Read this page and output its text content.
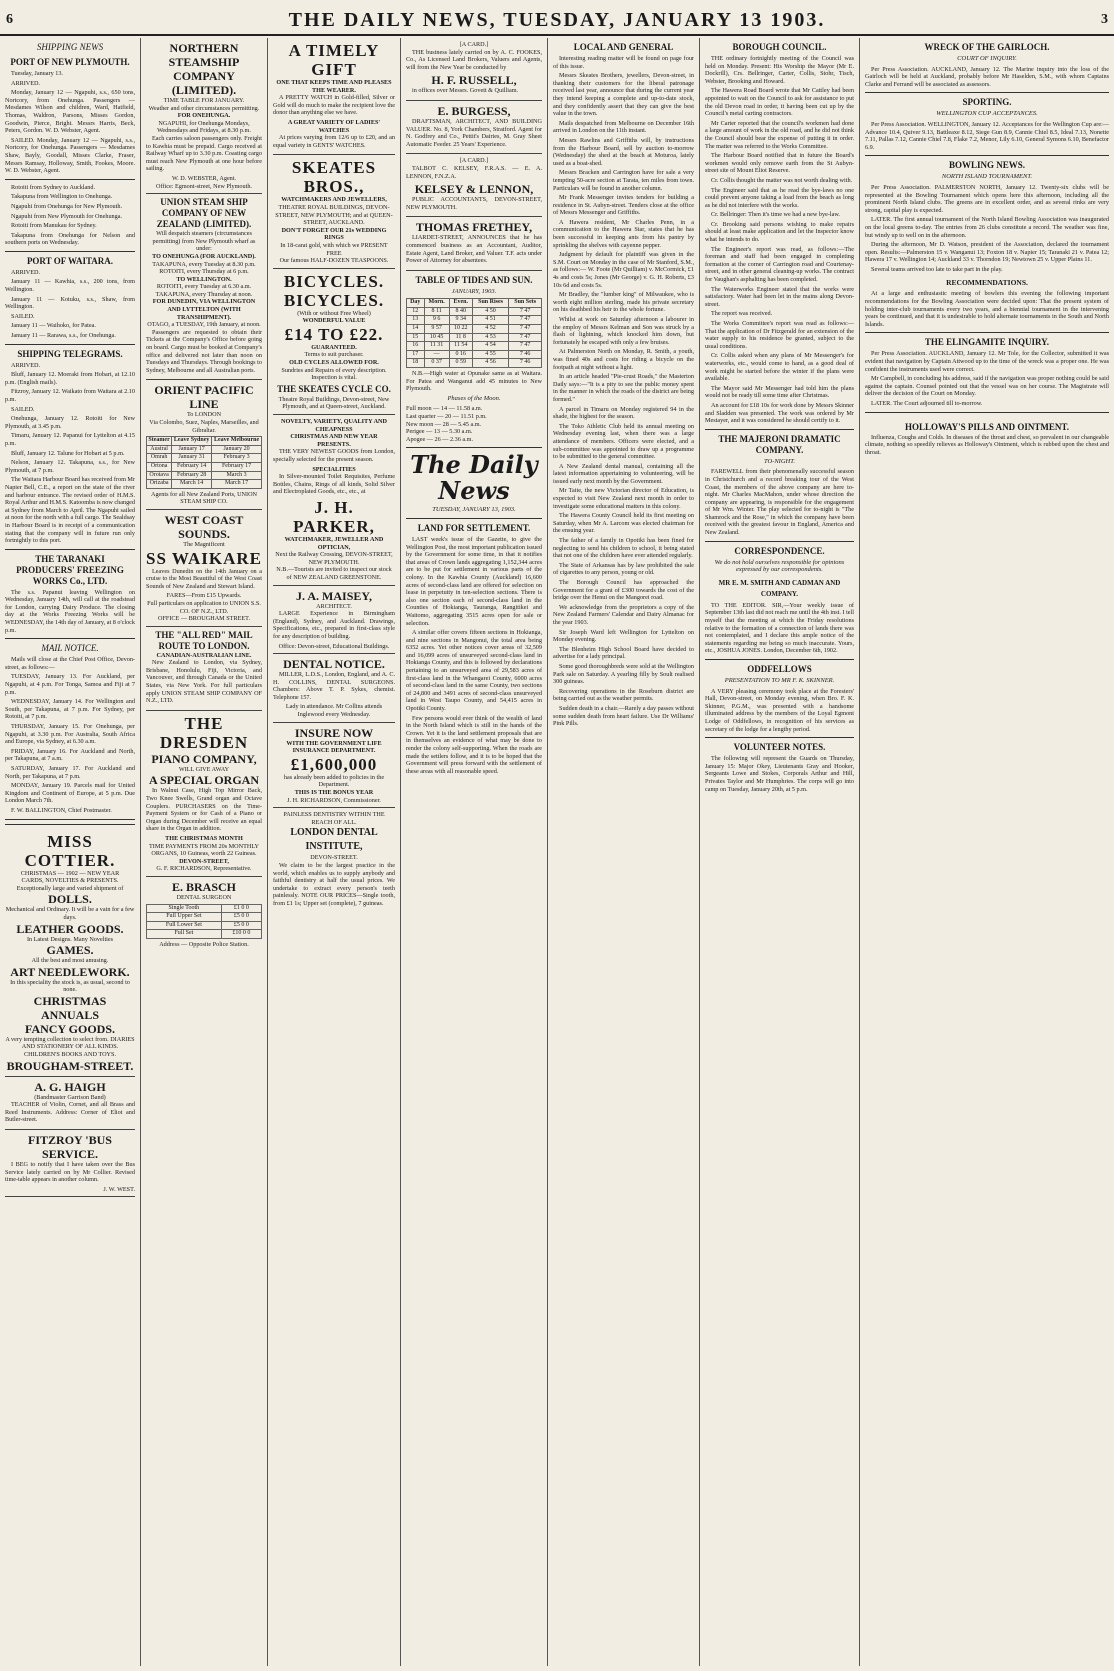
6	THE DAILY NEWS, TUESDAY, JANUARY 13 1903.	3
SHIPPING NEWS
PORT OF NEW PLYMOUTH.
Tuesday, January 13.
ARRIVED.
Monday, January 12 — Ngapuhi, s.s., 650 tons, Nortcory, from Onehunga. Passengers — Mesdames Wilson and children, Ward, Hatfield, Thomas, Waldron, Parsons, Misses Gordon, Goodwin, Pierce, Bright. Messrs Harris, Beck, Peters, Gordon. W. D. Webster, Agent.
SAILED. Monday, January 12 — Ngapuhi, s.s., Nortcory, for Onehunga. Passengers — Mesdames Shaw, Bayly, Goodall, Misses Clarke, Fraser, Messrs Ramsay, Holloway, Smith, Fookes, Moore. W. D. Webster, Agent.
Rotoiti from Sydney to Auckland.
Takapuna from Wellington to Onehunga.
Ngapuhi from Onehunga for New Plymouth.
Ngapuhi from New Plymouth for Onehunga.
Rotoiti from Manukau for Sydney.
Takapuna from Onehunga for Nelson and southern ports on Wednesday.
PORT OF WAITARA.
ARRIVED.
January 11 — Kawhia, s.s., 200 tons, from Wellington.
January 11 — Kotuku, s.s., Shaw, from Wellington.
SAILED.
January 11 — Waihoko, for Patea.
January 11 — Rarawa, s.s., for Onehunga.
SHIPPING TELEGRAMS.
ARRIVED.
Bluff, January 12. Moeraki from Hobart, at 12.10 p.m. (English mails).
Fitzroy, January 12. Waikato from Waitara at 2.10 p.m.
SAILED.
Onehunga, January 12. Rotoiti for New Plymouth, at 3.45 p.m.
Timaru, January 12. Papanui for Lyttelton at 4.15 p.m.
Bluff, January 12. Talune for Hobart at 5 p.m.
Nelson, January 12. Takapuna, s.s., for New Plymouth, at 7 p.m.
The Waitara Harbour Board has received from Mr Napier Bell, C.E., a report on the state of the river and harbour entrance. The revised order of H.M.S. Royal Arthur and H.M.S. Katoomba is now changed at Sydney from March to April. The Ngapuhi sailed at noon for the north with a full cargo. The Sealdsay in Harbour Board is in receipt of a communication stating that the company will in future run only fortnightly to this port.
THE TARANAKI PRODUCERS' FREEZING WORKS Co., LTD.
The s.s. Papanui leaving Wellington on Wednesday, January 14th, will call at the roadstead for London, carrying Dairy Produce. The closing day at the Works Freezing Works will be WEDNESDAY, the 14th day of January, at 8 o'clock p.m.
MAIL NOTICE.
Mails will close at the Chief Post Office, Devon-street, as follows:—
TUESDAY, January 13. For Auckland, per Ngapuhi, at 4 p.m. For Tonga, Samoa and Fiji at 7 p.m.
WEDNESDAY, January 14. For Wellington and South, per Takapuna, at 7 p.m. For Sydney, per Rotoiti, at 7 p.m.
THURSDAY, January 15. For Onehunga, per Ngapuhi, at 3.30 p.m. For Australia, South Africa and Europe, via Sydney, at 6.30 a.m.
FRIDAY, January 16. For Auckland and North, per Takapuna, at 7 a.m.
SATURDAY, January 17. For Auckland and North, per Takapuna, at 7 p.m.
MONDAY, January 19. Parcels mail for United Kingdom and Continent of Europe, at 5 p.m. Due London March 7th.
F. W. BALLINGTON, Chief Postmaster.
MISS COTTIER.
CHRISTMAS — 1902 — NEW YEAR
CARDS, NOVELTIES & PRESENTS. Exceptionally large and varied shipment of
DOLLS.
Mechanical and Ordinary. It will be a vain for a few days.
LEATHER GOODS.
In Latest Designs. Many Novelties
GAMES.
All the best and most amusing.
ART NEEDLEWORK.
In this speciality the stock is, as usual, second to none.
CHRISTMAS ANNUALS
FANCY GOODS.
A very tempting collection to select from. DIARIES AND STATIONERY OF ALL KINDS.
CHILDREN'S BOOKS AND TOYS.
BROUGHAM-STREET.
A. G. HAIGH
(Bandmaster Garrison Band)
TEACHER of Violin, Cornet, and all Brass and Reed Instruments. Address: Corner of Eliot and Butler-street.
FITZROY 'BUS SERVICE.
I BEG to notify that I have taken over the Bus Service lately carried on by Mr Collier. Revised time-table appears in another column.
J. W. WEST.
NORTHERN STEAMSHIP COMPANY (LIMITED).
TIME TABLE FOR JANUARY.
Weather and other circumstances permitting.
FOR ONEHUNGA.
NGAPUHI, for Onehunga Mondays, Wednesdays and Fridays, at 8.30 p.m.
Each carries saloon passengers only. Freight to Kawhia must be prepaid. Cargo received at Railway Wharf up to 3.30 p.m. Coasting cargo must reach New Plymouth at one hour before sailing.
W. D. WEBSTER, Agent.
Office: Egmont-street, New Plymouth.
UNION STEAM SHIP COMPANY OF NEW ZEALAND (LIMITED).
Will despatch steamers (circumstances permitting) from New Plymouth wharf as under:
TO ONEHUNGA (FOR AUCKLAND).
TAKAPUNA, every Tuesday at 8.30 p.m.
ROTOITI, every Thursday at 6 p.m.
TO WELLINGTON.
ROTOITI, every Tuesday at 6.30 a.m.
TAKAPUNA, every Thursday at noon.
FOR DUNEDIN, VIA WELLINGTON AND LYTTELTON (WITH TRANSHIPMENT).
OTAGO, a TUESDAY, 19th January, at noon.
Passengers are requested to obtain their Tickets at the Company's Office before going on board. Cargo must be booked at Company's office and delivered not later than noon on Tuesdays and Thursdays. Through bookings to Sydney, Melbourne and all Australian ports.
ORIENT PACIFIC LINE
To LONDON
Via Colombo, Suez, Naples, Marseilles, and Gibraltar.
Steamer	Leave Sydney	Leave Melbourne
Austral	January 17	January 20
Omrah	January 31	February 3
Ortona	February 14	February 17
Orotava	February 28	March 3
Orizaba	March 14	March 17
Agents for all New Zealand Ports, UNION STEAM SHIP CO.
WEST COAST SOUNDS.
The Magnificent
SS WAIKARE
Leaves Dunedin on the 14th January on a cruise to the Most Beautiful of the West Coast Sounds of New Zealand and Stewart Island.
FARES—From £15 Upwards.
Full particulars on application to UNION S.S. CO. OF N.Z., LTD.
OFFICE — BROUGHAM STREET.
THE "ALL RED" MAIL ROUTE TO LONDON.
CANADIAN-AUSTRALIAN LINE.
New Zealand to London, via Sydney, Brisbane, Honolulu, Fiji, Victoria, and Vancouver, and through Canada or the United States, via New York. For full particulars apply UNION STEAM SHIP COMPANY OF N.Z., LTD.
THE DRESDEN
PIANO COMPANY,
WILL GIVE AWAY
A SPECIAL ORGAN
In Walnut Case, High Top Mirror Back, Two Knee Swells, Grand organ and Octave Couplers. PURCHASERS on the Time-Payment System or for Cash of a Piano or Organ during December will receive an equal share in the Organ in addition.
THE CHRISTMAS MONTH
TIME PAYMENTS FROM 20s MONTHLY
ORGANS, 10 Guineas, worth 22 Guineas.
DEVON-STREET,
G. F. RICHARDSON, Representative.
E. BRASCH
DENTAL SURGEON
Single Tooth	£1 0 0
Full Upper Set	£5 0 0
Full Lower Set	£5 0 0
Full Set	£10 0 0
Address — Opposite Police Station.
A TIMELY GIFT
ONE THAT KEEPS TIME AND PLEASES THE WEARER.
A PRETTY WATCH in Gold-filled, Silver or Gold will do much to make the recipient love the donor than anything else we have.
A GREAT VARIETY OF LADIES' WATCHES
At prices varying from 12/6 up to £20, and an equal variety in GENTS' WATCHES.
SKEATES BROS.,
WATCHMAKERS AND JEWELLERS,
THEATRE ROYAL BUILDINGS, DEVON-STREET, NEW PLYMOUTH; and at QUEEN-STREET, AUCKLAND.
DON'T FORGET OUR 21s WEDDING RINGS
In 18-carat gold, with which we PRESENT FREE
Our famous HALF-DOZEN TEASPOONS.
BICYCLES. BICYCLES.
(With or without Free Wheel)
WONDERFUL VALUE
£14 TO £22.
GUARANTEED.
Terms to suit purchaser.
OLD CYCLES ALLOWED FOR.
Sundries and Repairs of every description.
Inspection is vital.
THE SKEATES CYCLE CO.
Theatre Royal Buildings, Devon-street, New Plymouth, and at Queen-street, Auckland.
NOVELTY, VARIETY, QUALITY AND CHEAPNESS
CHRISTMAS AND NEW YEAR PRESENTS.
THE VERY NEWEST GOODS from London, specially selected for the present season.
SPECIALITIES
In Silver-mounted Toilet Requisites, Perfume Bottles, Chains, Rings of all kinds, Solid Silver and Electroplated Goods, etc., etc., at
J. H. PARKER,
WATCHMAKER, JEWELLER AND OPTICIAN,
Next the Railway Crossing, DEVON-STREET, NEW PLYMOUTH.
N.B.—Tourists are invited to inspect our stock of NEW ZEALAND GREENSTONE.
J. A. MAISEY,
ARCHITECT.
LARGE Experience in Birmingham (England), Sydney, and Auckland. Drawings, Specifications, etc., prepared in first-class style for any description of building.
Office: Devon-street, Educational Buildings.
DENTAL NOTICE.
MILLER, L.D.S., London, England, and A. C. H. COLLINS, DENTAL SURGEONS. Chambers: Above T. P. Sykes, chemist. Telephone 157.
Lady in attendance. Mr Collins attends Inglewood every Wednesday.
INSURE NOW
WITH THE GOVERNMENT LIFE INSURANCE DEPARTMENT.
£1,600,000
has already been added to policies in the Department.
THIS IS THE BONUS YEAR
J. H. RICHARDSON, Commissioner.
PAINLESS DENTISTRY WITHIN THE REACH OF ALL.
LONDON DENTAL INSTITUTE,
DEVON-STREET.
We claim to be the largest practice in the world, which enables us to supply anybody and faithful dentistry at half the usual prices. We undertake to extract every person's teeth painlessly. NOTE OUR PRICES—Single tooth, from £1 1s; Upper set (complete), 7 guineas.
[A CARD.]
THE business lately carried on by A. C. FOOKES, Co., As Licensed Land Brokers, Valuers and Agents, will from the New Year be conducted by
H. F. RUSSELL,
in offices over Messrs. Govett & Quilliam.
E. BURGESS,
DRAFTSMAN, ARCHITECT, AND BUILDING VALUER. No. 8, York Chambers, Stratford. Agent for N. Godfrey and Co., Pettit's Dairies, M. Gray Sheet Automatic Feeder. 25 Years' Experience.
[A CARD.]
TALBOT C. KELSEY, F.R.A.S. — E. A. LENNON, F.N.Z.A.
KELSEY & LENNON,
PUBLIC ACCOUNTANTS, DEVON-STREET, NEW PLYMOUTH.
THOMAS FRETHEY,
LIARDET-STREET, ANNOUNCES that he has commenced business as an Accountant, Auditor, Estate Agent, Land Broker, and Valuer. T.F. acts under Power of Attorney for absentees.
TABLE OF TIDES AND SUN.
JANUARY, 1903.
Day	Morn.	Even.	Sun Rises	Sun Sets
12	8 11	8 40	4 50	7 47
13	9 6	9 34	4 51	7 47
14	9 57	10 22	4 52	7 47
15	10 45	11 8	4 53	7 47
16	11 31	11 54	4 54	7 47
17	—	0 16	4 55	7 46
18	0 37	0 59	4 56	7 46
N.B.—High water at Opunake same as at Waitara. For Patea and Wanganui add 45 minutes to New Plymouth.
Phases of the Moon.
Full moon — 14 — 11.58 a.m.
Last quarter — 20 — 11.51 p.m.
New moon — 28 — 5.45 a.m.
Perigee — 13 — 5.30 a.m.
Apogee — 26 — 2.36 a.m.
The Daily News
TUESDAY, JANUARY 13, 1903.
LAND FOR SETTLEMENT.
LAST week's issue of the Gazette, to give the Wellington Post, the most important publication issued by the Government for some time, in that it notifies that areas of Crown lands aggregating 1,152,344 acres are to be put for settlement in various parts of the colony. In the Kawhia County (Auckland) 16,600 acres of second-class land are offered for selection on lease in perpetuity in ten-selection sections. There is also one section each of second-class land in the Counties of Hokianga, Tauranga, Rangitikei and Waitomo, aggregating 3515 acres open for sale or selection.
A similar offer covers fifteen sections in Hokianga, and nine sections in Mangonui, the total area being 6352 acres. Yet other notices cover areas of 32,509 and 16,099 acres of unsurveyed second-class land in Hokianga County, and this is followed by declarations pertaining to an unsurveyed area of 29,583 acres of first-class land in the Whangarei County, 6000 acres of second-class land in the same County, two sections of 24,800 and 3491 acres of second-class unsurveyed land in West Taupo County, and 54,415 acres in Opotiki County.
Few persons would ever think of the wealth of land in the North Island which is still in the hands of the Crown. Yet it is the land settlement proposals that are in themselves an evidence of what may be done to render the colony self-supporting. When the roads are made the settlers follow, and it is to be hoped that the Government will press forward with the settlement of these areas with all reasonable speed.
LOCAL AND GENERAL
Interesting reading matter will be found on page four of this issue.
Messrs Skeates Brothers, jewellers, Devon-street, in thanking their customers for the liberal patronage received last year, announce that during the current year they intend keeping a complete and up-to-date stock, and they confidently assert that they can give the best value in the town.
Mails despatched from Melbourne on December 16th arrived in London on the 11th instant.
Messrs Rawlins and Griffiths will, by instructions from the Harbour Board, sell by auction to-morrow (Wednesday) the shed at the beach at Moturoa, lately used as a boat-shed.
Messrs Bracken and Carrington have for sale a very tempting 50-acre section at Tarata, ten miles from town. Particulars will be found in another column.
Mr Frank Messenger invites tenders for building a residence in St. Aubyn-street. Tenders close at the office of Messrs Messenger and Griffiths.
A Hawera resident, Mr Charles Penn, in a communication to the Hawera Star, states that he has been successful in keeping ants from his pantry by sprinkling the shelves with cayenne pepper.
Judgment by default for plaintiff was given in the S.M. Court on Monday in the case of Mr Stanford, S.M., as follows:— W. Foote (Mr Quilliam) v. McCormick, £1 4s and costs 5s; Jones (Mr George) v. G. H. Roberts, £3 10s 6d and costs 5s.
Mr Bradley, the "lumber king" of Milwaukee, who is worth eight million sterling, made his private secretary on his deathbed his heir to the whole fortune.
Whilst at work on Saturday afternoon a labourer in the employ of Messrs Kelman and Son was struck by a flash of lightning, which knocked him down, but fortunately he escaped with only a few bruises.
At Palmerston North on Monday, R. Smith, a youth, was fined 40s and costs for riding a bicycle on the footpath at night without a light.
In an article headed "Pie-crust Roads," the Masterton Daily says:—"It is a pity to see the public money spent in the manner in which the roads of the district are being formed."
A parcel in Timaru on Monday registered 94 in the shade, the highest for the season.
The Toko Athletic Club held its annual meeting on Wednesday evening last, when there was a large attendance of members. Officers were elected, and a sub-committee was appointed to draw up a programme to be submitted to the general committee.
A New Zealand dental manual, containing all the latest information appertaining to volunteering, will be issued early next month by the Government.
Mr Taite, the new Victorian director of Education, is expected to visit New Zealand next month in order to investigate some educational matters in this colony.
The Hawera County Council held its first meeting on Saturday, when Mr A. Larcom was elected chairman for the ensuing year.
The father of a family in Opotiki has been fined for neglecting to send his children to school, it being stated that not one of the children have ever attended regularly.
The State of Arkansas has by law prohibited the sale of cigarettes to any person, young or old.
The Borough Council has approached the Government for a grant of £300 towards the cost of the bridge over the Henui on the Mangorei road.
We acknowledge from the proprietors a copy of the New Zealand Farmers' Calendar and Dairy Almanac for the year 1903.
Sir Joseph Ward left Wellington for Lyttelton on Monday evening.
The Blenheim High School Board have decided to advertise for a lady principal.
Some good thoroughbreds were sold at the Wellington Park sale on Saturday. A yearling filly by Soult realised 300 guineas.
Recovering operations in the Roseburn district are being carried out as the weather permits.
Sudden death in a chair.—Rarely a day passes without some sudden death from heart failure. Use Dr Williams' Pink Pills.
BOROUGH COUNCIL.
THE ordinary fortnightly meeting of the Council was held on Monday. Present: His Worship the Mayor (Mr E. Dockrill), Crs. Bellringer, Carter, Collis, Stohr, Tisch, Webster, Brooking and Howard.
The Hawera Road Board wrote that Mr Cattley had been appointed to wait on the Council to ask for assistance to put the old Devon road in order, it having been cut up by the Council's metal carting contractors.
Mr Carter reported that the council's workmen had done a large amount of work in the old road, and he did not think the Council should bear the expense of putting it in order. The matter was referred to the Works Committee.
The Harbour Board notified that in future the Board's workmen would only remove earth from the St Aubyn-street site of Mount Eliot Reserve.
Cr. Collis thought the matter was not worth dealing with.
The Engineer said that as he read the bye-laws no one could prevent anyone taking a load from the beach as long as he did not interfere with the works.
Cr. Bellringer: Then it's time we had a new bye-law.
Cr. Brooking said persons wishing to make repairs should at least make application and let the Inspector know what he intends to do.
The Engineer's report was read, as follows:—The foreman and staff had been engaged in completing formation at the corner of Carrington road and Courtenay-street, and in other general cleaning-up works. The contract for Vaughan's asphalting has been completed.
The Waterworks Engineer stated that the works were satisfactory. Water had been let in the mains along Devon-street.
The report was received.
The Works Committee's report was read as follows:—That the application of Dr Fitzgerald for an extension of the water supply to his residence be granted, subject to the usual conditions.
Cr. Collis asked when any plans of Mr Messenger's for waterworks, etc., would come to hand, as a good deal of work might be started before the winter if the plans were available.
The Mayor said Mr Messenger had told him the plans would not be ready till some time after Christmas.
An account for £18 10s for work done by Messrs Skinner and Sladden was presented. The work was ordered by Mr Mestayer, and it was considered he should certify to it.
THE MAJERONI DRAMATIC COMPANY.
TO-NIGHT.
FAREWELL from their phenomenally successful season in Christchurch and a record breaking tour of the West Coast, the members of the above company are here to-night. Mr Charles MacMahon, under whose direction the company are appearing, is responsible for the engagement of Mr Wm. Winter. The play selected for to-night is "The Shamrock and the Rose," in which the company have been received with the greatest favour in England, America and New Zealand.
CORRESPONDENCE.
We do not hold ourselves responsible for opinions expressed by our correspondents.
MR E. M. SMITH AND CADMAN AND COMPANY.
TO THE EDITOR. SIR,—Your weekly issue of September 13th last did not reach me until the 4th inst. I tell myself that the meeting at which the Friday resolutions relative to the formation of a connection of lands there was not contemplated, and I declare this ample notice of the statements regarding me being so much inaccurate. Yours, etc., JOSHUA JONES. London, December 6th, 1902.
ODDFELLOWS
PRESENTATION TO MR F. K. SKINNER.
A VERY pleasing ceremony took place at the Foresters' Hall, Devon-street, on Monday evening, when Bro. F. K. Skinner, P.G.M., was presented with a handsome illuminated address by the members of the Loyal Egmont Lodge of Oddfellows, in recognition of his services as secretary of the lodge for a lengthy period.
VOLUNTEER NOTES.
The following will represent the Guards on Thursday, January 15: Major Okey, Lieutenants Gray and Hooker, Sergeants Lowe and Stokes, Corporals Arthur and Hill, Privates Taylor and Mr Humphries. The corps will go into camp on Tuesday, January 20th, at 5 p.m.
WRECK OF THE GAIRLOCH.
COURT OF INQUIRY.
Per Press Association. AUCKLAND, January 12. The Marine inquiry into the loss of the Gairloch will be held at Auckland, probably before Mr Haselden, S.M., with whom Captains Clarke and Ferrand will be associated as assessors.
SPORTING.
WELLINGTON CUP ACCEPTANCES.
Per Press Association. WELLINGTON, January 12. Acceptances for the Wellington Cup are:—Advance 10.4, Quiver 9.13, Battleaxe 8.12, Siege Gun 8.9, Cannie Chiel 8.5, Ideal 7.13, Nonette 7.11, Pallas 7.12, Cannie Chiel 7.8, Flake 7.2, Menor, Lily 6.10, General Symons 6.10, Benefactor 6.9.
BOWLING NEWS.
NORTH ISLAND TOURNAMENT.
Per Press Association. PALMERSTON NORTH, January 12. Twenty-six clubs will be represented at the Bowling Tournament which opens here this afternoon, including all the prominent North Island clubs. The greens are in excellent order, and as several rinks are very strong, capital play is expected.
LATER. The first annual tournament of the North Island Bowling Association was inaugurated on the local greens to-day. The entries from 26 clubs constitute a record. The weather was fine, but windy up to well on in the afternoon.
During the afternoon, Mr D. Watson, president of the Association, declared the tournament open. Results:—Palmerston 15 v. Wanganui 13; Foxton 18 v. Napier 15; Taranaki 21 v. Patea 12; Hawera 17 v. Wellington 14; Auckland 33 v. Thorndon 19; Newtown 25 v. Upper Plains 11.
Several teams arrived too late to take part in the play.
RECOMMENDATIONS.
At a large and enthusiastic meeting of bowlers this evening the following important recommendations for the Bowling Association were decided upon: That the present system of holding inter-club tournaments every two years, and a biennial tournament in the intervening years be continued, and that it is undesirable to hold alternate tournaments in the South and North Islands.
THE ELINGAMITE INQUIRY.
Per Press Association. AUCKLAND, January 12. Mr Tole, for the Collector, submitted it was evident that navigation by Captain Attwood up to the time of the wreck was a proper one. He was confident the instruments used were correct.
Mr Campbell, in concluding his address, said if the navigation was proper nothing could be said against the captain. Counsel pointed out that the vessel was on her course. The Magistrate will deliver the decision of the Court on Monday.
LATER. The Court adjourned till to-morrow.
HOLLOWAY'S PILLS AND OINTMENT.
Influenza, Coughs and Colds. In diseases of the throat and chest, so prevalent in our changeable climate, nothing so speedily relieves as Holloway's Ointment, which is rubbed upon the chest and throat.
